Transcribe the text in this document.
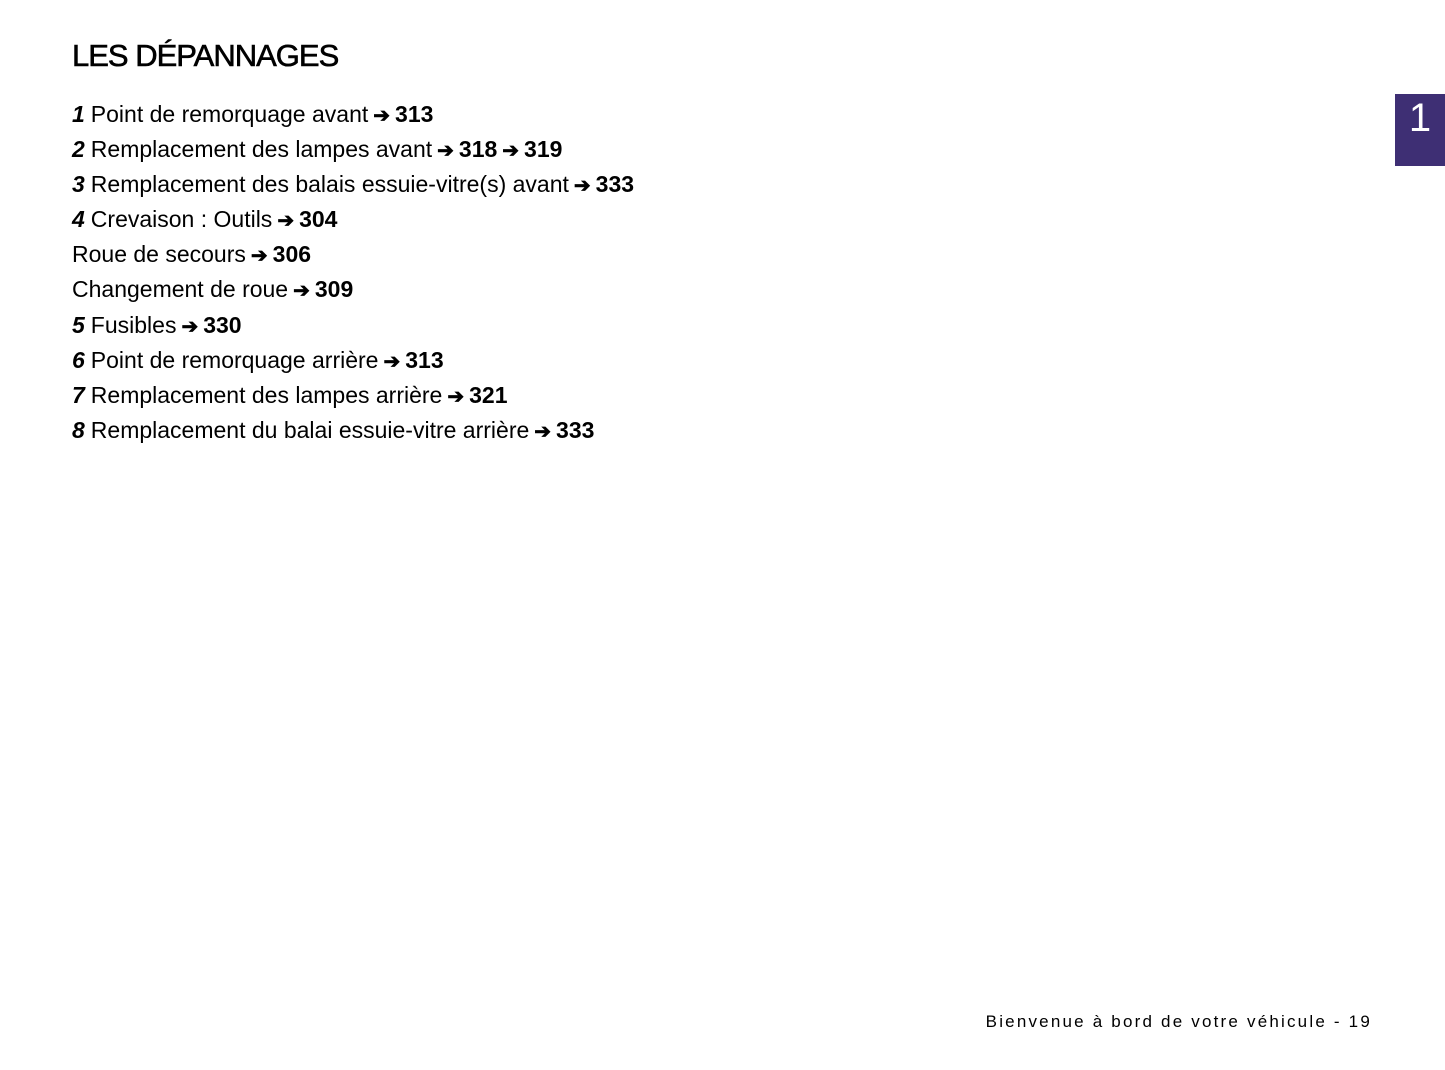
LES DÉPANNAGES
1 Point de remorquage avant ➔ 313
2 Remplacement des lampes avant ➔ 318 ➔ 319
3 Remplacement des balais essuie-vitre(s) avant ➔ 333
4 Crevaison : Outils ➔ 304
Roue de secours ➔ 306
Changement de roue ➔ 309
5 Fusibles ➔ 330
6 Point de remorquage arrière ➔ 313
7 Remplacement des lampes arrière ➔ 321
8 Remplacement du balai essuie-vitre arrière ➔ 333
1
Bienvenue à bord de votre véhicule - 19
